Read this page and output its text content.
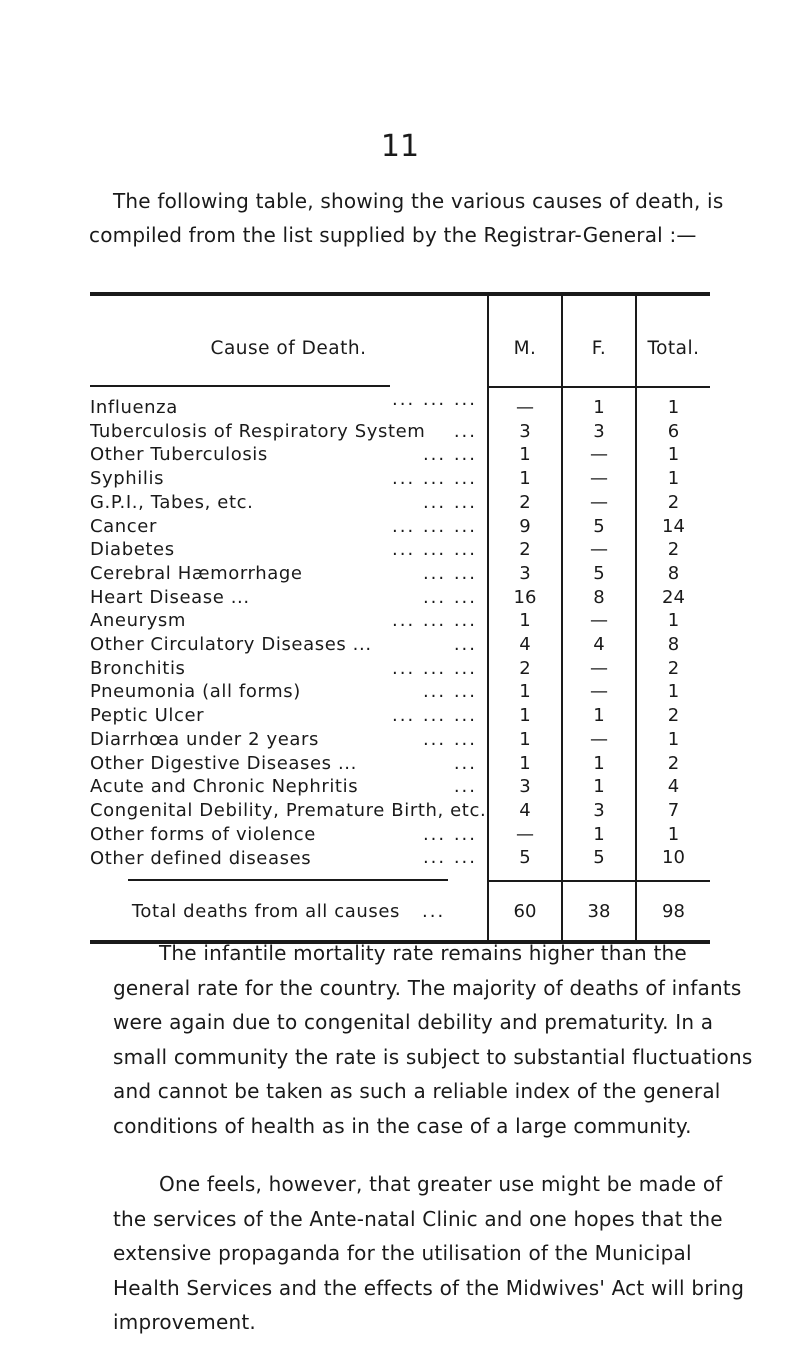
11
The following table, showing the various causes of death, is
compiled from the list supplied by the Registrar-General :—
Cause of Death.	M.	F.	Total.

Influenza ... ... ...	—	1	1
Tuberculosis of Respiratory System ...	3	3	6
Other Tuberculosis ... ...	1	—	1
Syphilis ... ... ...	1	—	1
G.P.I., Tabes, etc. ... ...	2	—	2
Cancer ... ... ...	9	5	14
Diabetes ... ... ...	2	—	2
Cerebral Hæmorrhage ... ...	3	5	8
Heart Disease ... ... ...	16	8	24
Aneurysm ... ... ...	1	—	1
Other Circulatory Diseases ... ...	4	4	8
Bronchitis ... ... ...	2	—	2
Pneumonia (all forms) ... ...	1	—	1
Peptic Ulcer ... ... ...	1	1	2
Diarrhœa under 2 years ... ...	1	—	1
Other Digestive Diseases ... ...	1	1	2
Acute and Chronic Nephritis ...	3	1	4
Congenital Debility, Premature Birth, etc.	4	3	7
Other forms of violence ... ...	—	1	1
Other defined diseases ... ...	5	5	10

Total deaths from all causes ...	60	38	98

The infantile mortality rate remains higher than the general rate for the country. The majority of deaths of infants were again due to congenital debility and prematurity. In a small community the rate is subject to substantial fluctuations and cannot be taken as such a reliable index of the general conditions of health as in the case of a large community.

One feels, however, that greater use might be made of the services of the Ante-natal Clinic and one hopes that the extensive propaganda for the utilisation of the Municipal Health Services and the effects of the Midwives' Act will bring improvement.
